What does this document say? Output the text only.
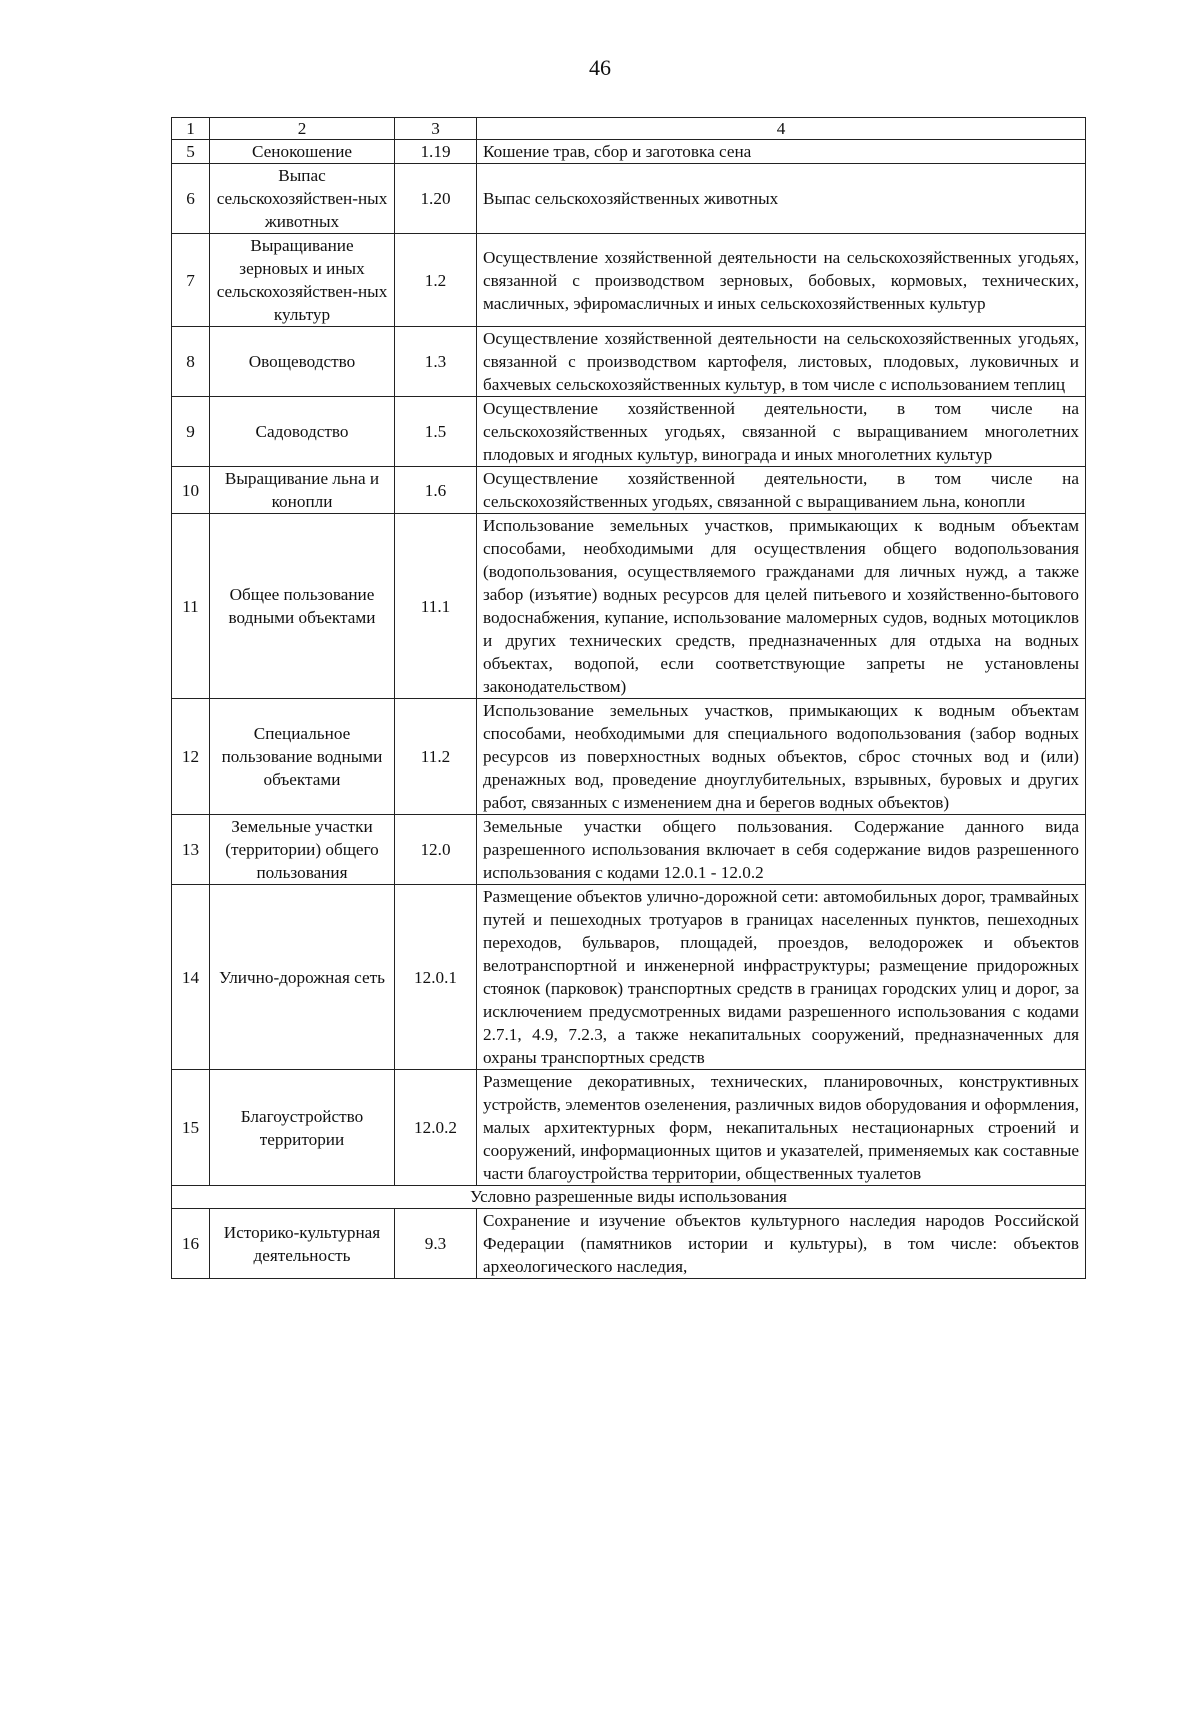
46
1	2	3	4
5	Сенокошение	1.19	Кошение трав, сбор и заготовка сена
6	Выпас сельскохозяйствен-ных животных	1.20	Выпас сельскохозяйственных животных
7	Выращивание зерновых и иных сельскохозяйствен-ных культур	1.2	Осуществление хозяйственной деятельности на сельскохозяйственных угодьях, связанной с производством зерновых, бобовых, кормовых, технических, масличных, эфиромасличных и иных сельскохозяйственных культур
8	Овощеводство	1.3	Осуществление хозяйственной деятельности на сельскохозяйственных угодьях, связанной с производством картофеля, листовых, плодовых, луковичных и бахчевых сельскохозяйственных культур, в том числе с использованием теплиц
9	Садоводство	1.5	Осуществление хозяйственной деятельности, в том числе на сельскохозяйственных угодьях, связанной с выращиванием многолетних плодовых и ягодных культур, винограда и иных многолетних культур
10	Выращивание льна и конопли	1.6	Осуществление хозяйственной деятельности, в том числе на сельскохозяйственных угодьях, связанной с выращиванием льна, конопли
11	Общее пользование водными объектами	11.1	Использование земельных участков, примыкающих к водным объектам способами, необходимыми для осуществления общего водопользования (водопользования, осуществляемого гражданами для личных нужд, а также забор (изъятие) водных ресурсов для целей питьевого и хозяйственно-бытового водоснабжения, купание, использование маломерных судов, водных мотоциклов и других технических средств, предназначенных для отдыха на водных объектах, водопой, если соответствующие запреты не установлены законодательством)
12	Специальное пользование водными объектами	11.2	Использование земельных участков, примыкающих к водным объектам способами, необходимыми для специального водопользования (забор водных ресурсов из поверхностных водных объектов, сброс сточных вод и (или) дренажных вод, проведение дноуглубительных, взрывных, буровых и других работ, связанных с изменением дна и берегов водных объектов)
13	Земельные участки (территории) общего пользования	12.0	Земельные участки общего пользования. Содержание данного вида разрешенного использования включает в себя содержание видов разрешенного использования с кодами 12.0.1 - 12.0.2
14	Улично-дорожная сеть	12.0.1	Размещение объектов улично-дорожной сети: автомобильных дорог, трамвайных путей и пешеходных тротуаров в границах населенных пунктов, пешеходных переходов, бульваров, площадей, проездов, велодорожек и объектов велотранспортной и инженерной инфраструктуры; размещение придорожных стоянок (парковок) транспортных средств в границах городских улиц и дорог, за исключением предусмотренных видами разрешенного использования с кодами 2.7.1, 4.9, 7.2.3, а также некапитальных сооружений, предназначенных для охраны транспортных средств
15	Благоустройство территории	12.0.2	Размещение декоративных, технических, планировочных, конструктивных устройств, элементов озеленения, различных видов оборудования и оформления, малых архитектурных форм, некапитальных нестационарных строений и сооружений, информационных щитов и указателей, применяемых как составные части благоустройства территории, общественных туалетов
Условно разрешенные виды использования			
16	Историко-культурная деятельность	9.3	Сохранение и изучение объектов культурного наследия народов Российской Федерации (памятников истории и культуры), в том числе: объектов археологического наследия,
